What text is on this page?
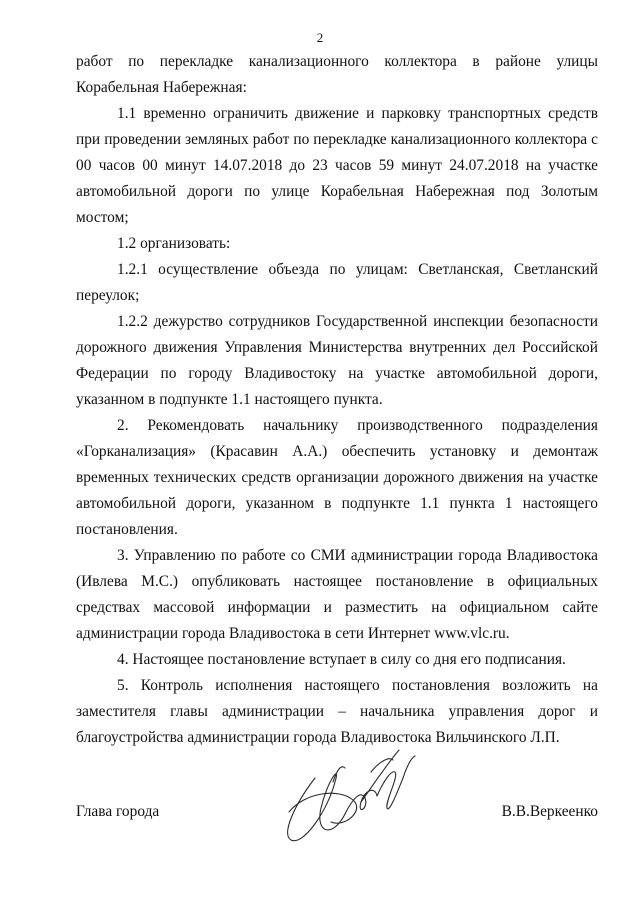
2

работ по перекладке канализационного коллектора в районе улицы Корабельная Набережная:

1.1 временно ограничить движение и парковку транспортных средств при проведении земляных работ по перекладке канализационного коллектора с 00 часов 00 минут 14.07.2018 до 23 часов 59 минут 24.07.2018 на участке автомобильной дороги по улице Корабельная Набережная под Золотым мостом;

1.2 организовать:

1.2.1 осуществление объезда по улицам: Светланская, Светланский переулок;

1.2.2 дежурство сотрудников Государственной инспекции безопасности дорожного движения Управления Министерства внутренних дел Российской Федерации по городу Владивостоку на участке автомобильной дороги, указанном в подпункте 1.1 настоящего пункта.

2. Рекомендовать начальнику производственного подразделения «Горканализация» (Красавин А.А.) обеспечить установку и демонтаж временных технических средств организации дорожного движения на участке автомобильной дороги, указанном в подпункте 1.1 пункта 1 настоящего постановления.

3. Управлению по работе со СМИ администрации города Владивостока (Ивлева М.С.) опубликовать настоящее постановление в официальных средствах массовой информации и разместить на официальном сайте администрации города Владивостока в сети Интернет www.vlc.ru.

4. Настоящее постановление вступает в силу со дня его подписания.

5. Контроль исполнения настоящего постановления возложить на заместителя главы администрации – начальника управления дорог и благоустройства администрации города Владивостока Вильчинского Л.П.

Глава города	В.В.Веркеенко
